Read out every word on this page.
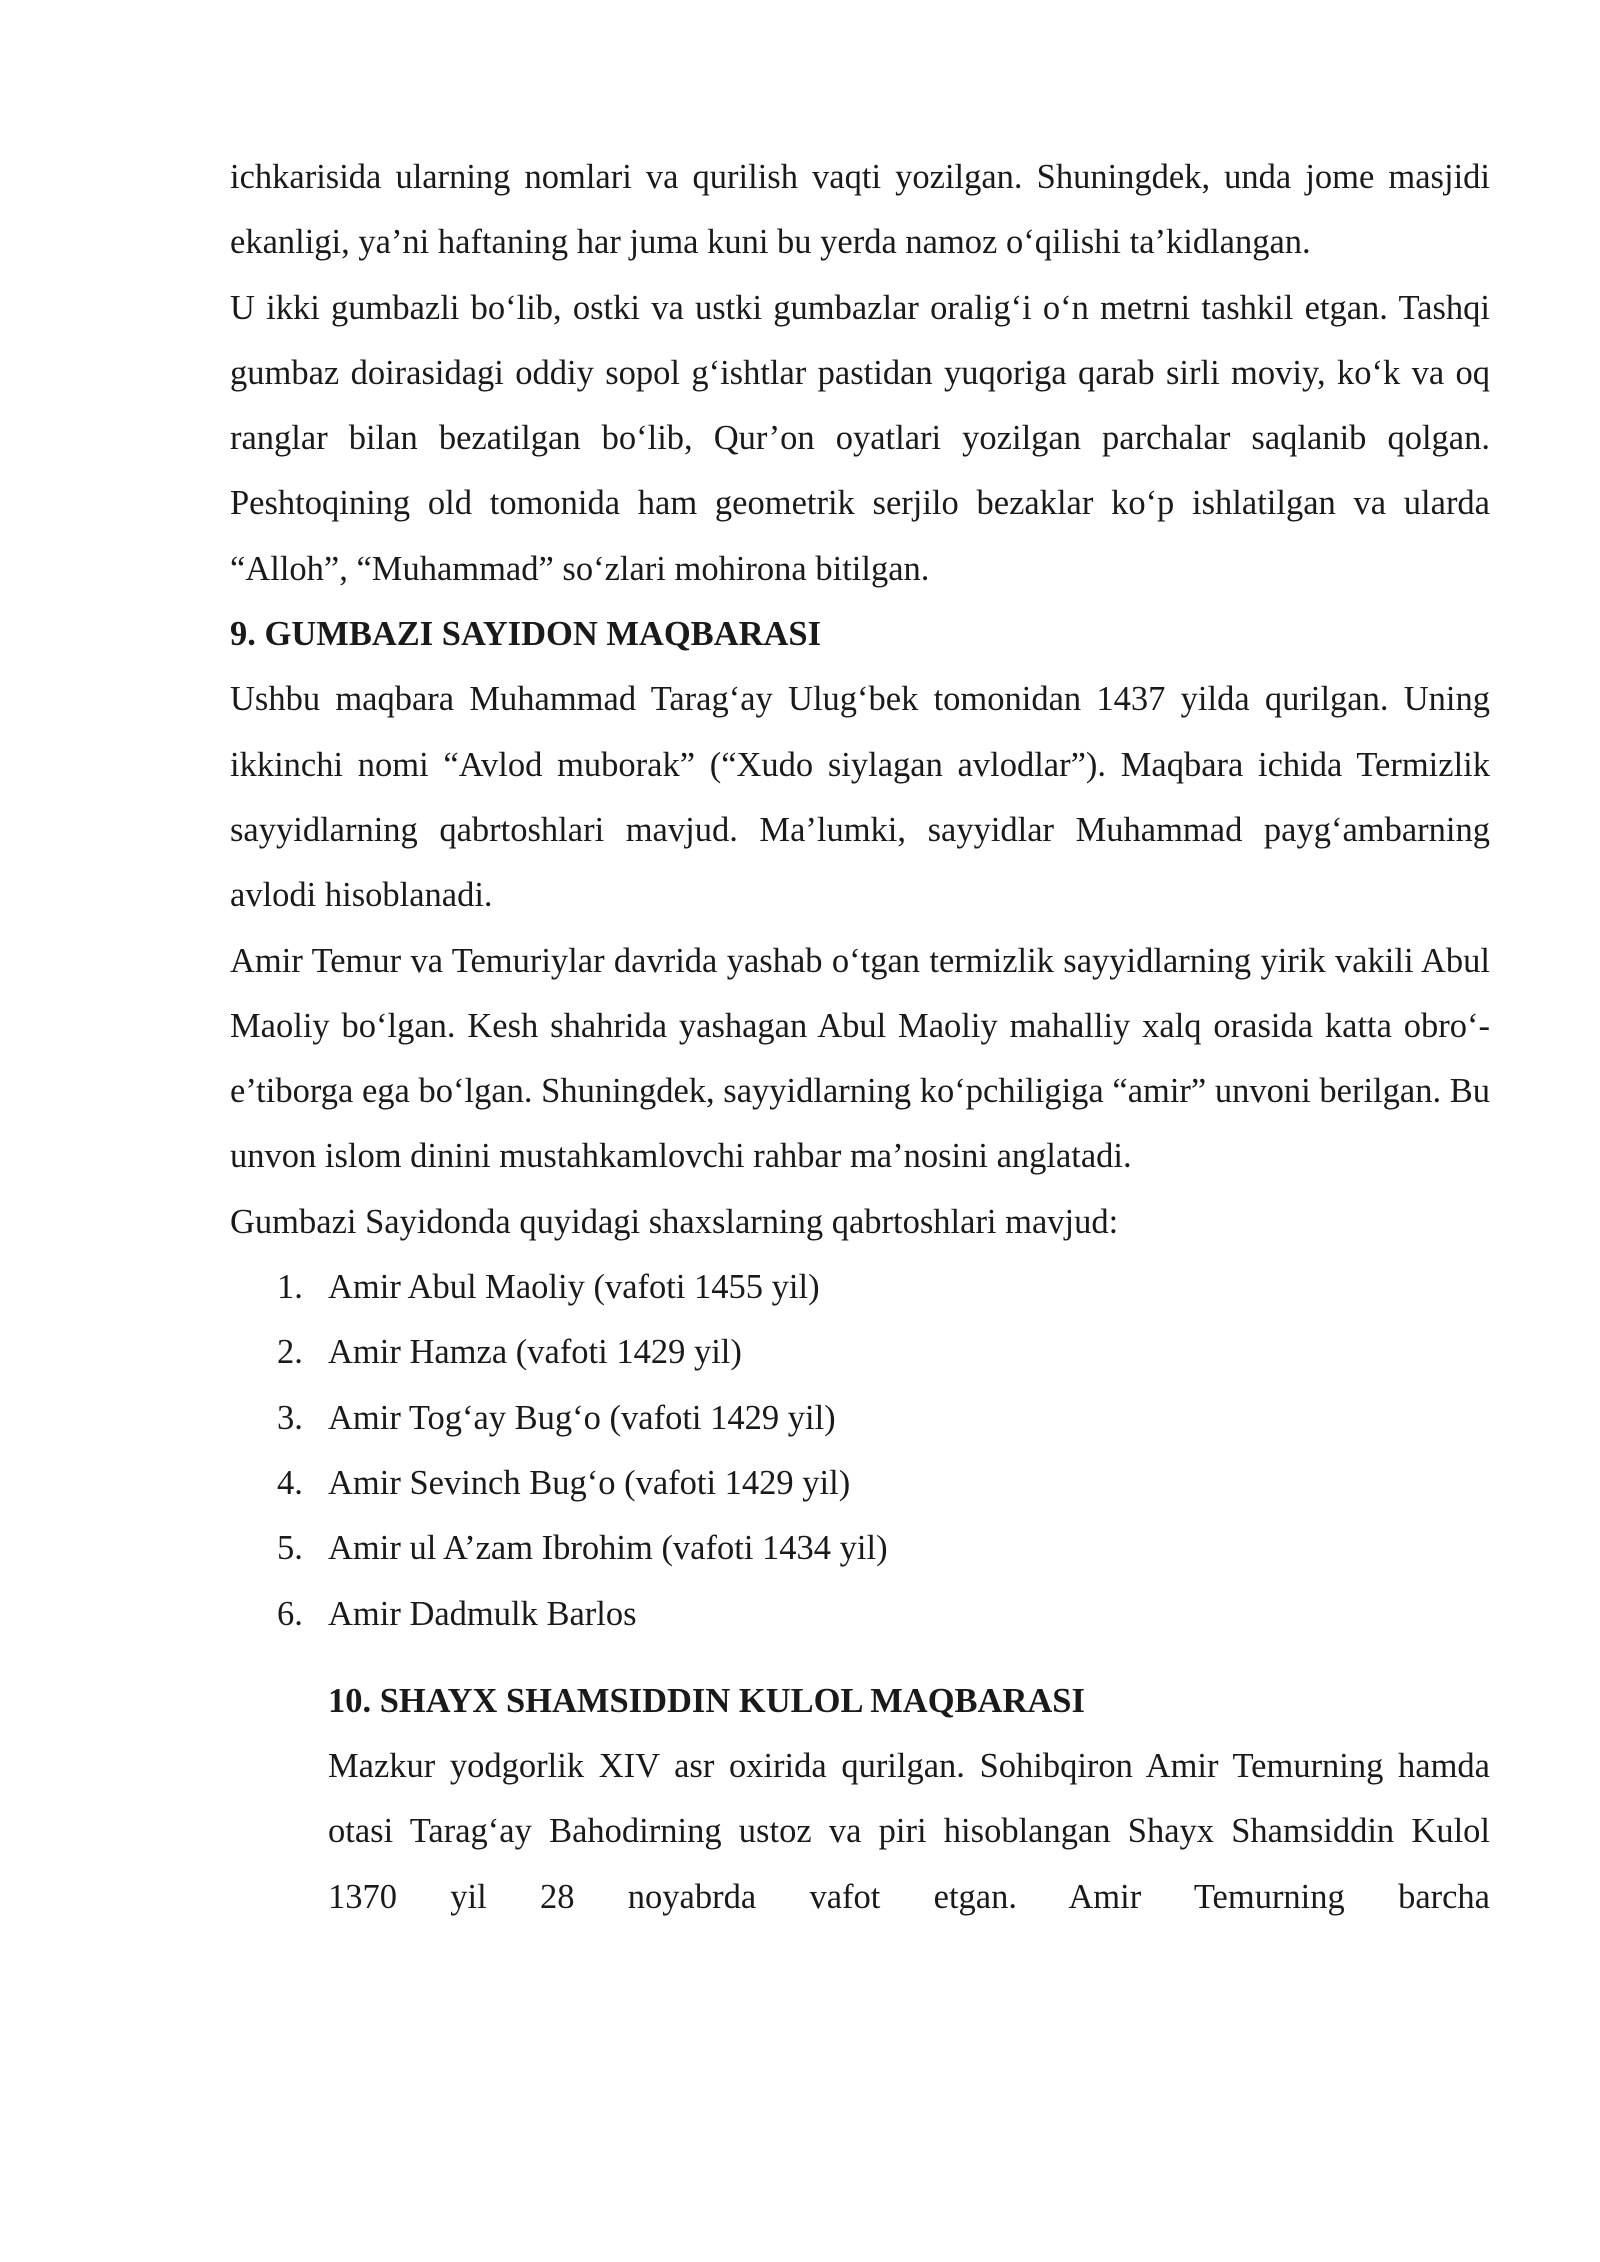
ichkarisida ularning nomlari va qurilish vaqti yozilgan. Shuningdek, unda jome masjidi ekanligi, ya’ni haftaning har juma kuni bu yerda namoz o‘qilishi ta’kidlangan.

U ikki gumbazli bo‘lib, ostki va ustki gumbazlar oralig‘i o‘n metrni tashkil etgan. Tashqi gumbaz doirasidagi oddiy sopol g‘ishtlar pastidan yuqoriga qarab sirli moviy, ko‘k va oq ranglar bilan bezatilgan bo‘lib, Qur’on oyatlari yozilgan parchalar saqlanib qolgan. Peshtoqining old tomonida ham geometrik serjilo bezaklar ko‘p ishlatilgan va ularda “Alloh”, “Muhammad” so‘zlari mohirona bitilgan.

9. GUMBAZI SAYIDON MAQBARASI

Ushbu maqbara Muhammad Tarag‘ay Ulug‘bek tomonidan 1437 yilda qurilgan. Uning ikkinchi nomi “Avlod muborak” (“Xudo siylagan avlodlar”). Maqbara ichida Termizlik sayyidlarning qabrtoshlari mavjud. Ma’lumki, sayyidlar Muhammad payg‘ambarning avlodi hisoblanadi.

Amir Temur va Temuriylar davrida yashab o‘tgan termizlik sayyidlarning yirik vakili Abul Maoliy bo‘lgan. Kesh shahrida yashagan Abul Maoliy mahalliy xalq orasida katta obro‘-e’tiborga ega bo‘lgan. Shuningdek, sayyidlarning ko‘pchiligiga “amir” unvoni berilgan. Bu unvon islom dinini mustahkamlovchi rahbar ma’nosini anglatadi.

Gumbazi Sayidonda quyidagi shaxslarning qabrtoshlari mavjud:

1. Amir Abul Maoliy (vafoti 1455 yil)
2. Amir Hamza (vafoti 1429 yil)
3. Amir Tog‘ay Bug‘o (vafoti 1429 yil)
4. Amir Sevinch Bug‘o (vafoti 1429 yil)
5. Amir ul A’zam Ibrohim (vafoti 1434 yil)
6. Amir Dadmulk Barlos

10. SHAYX SHAMSIDDIN KULOL MAQBARASI

Mazkur yodgorlik XIV asr oxirida qurilgan. Sohibqiron Amir Temurning hamda otasi Tarag‘ay Bahodirning ustoz va piri hisoblangan Shayx Shamsiddin Kulol 1370 yil 28 noyabrda vafot etgan. Amir Temurning barcha
